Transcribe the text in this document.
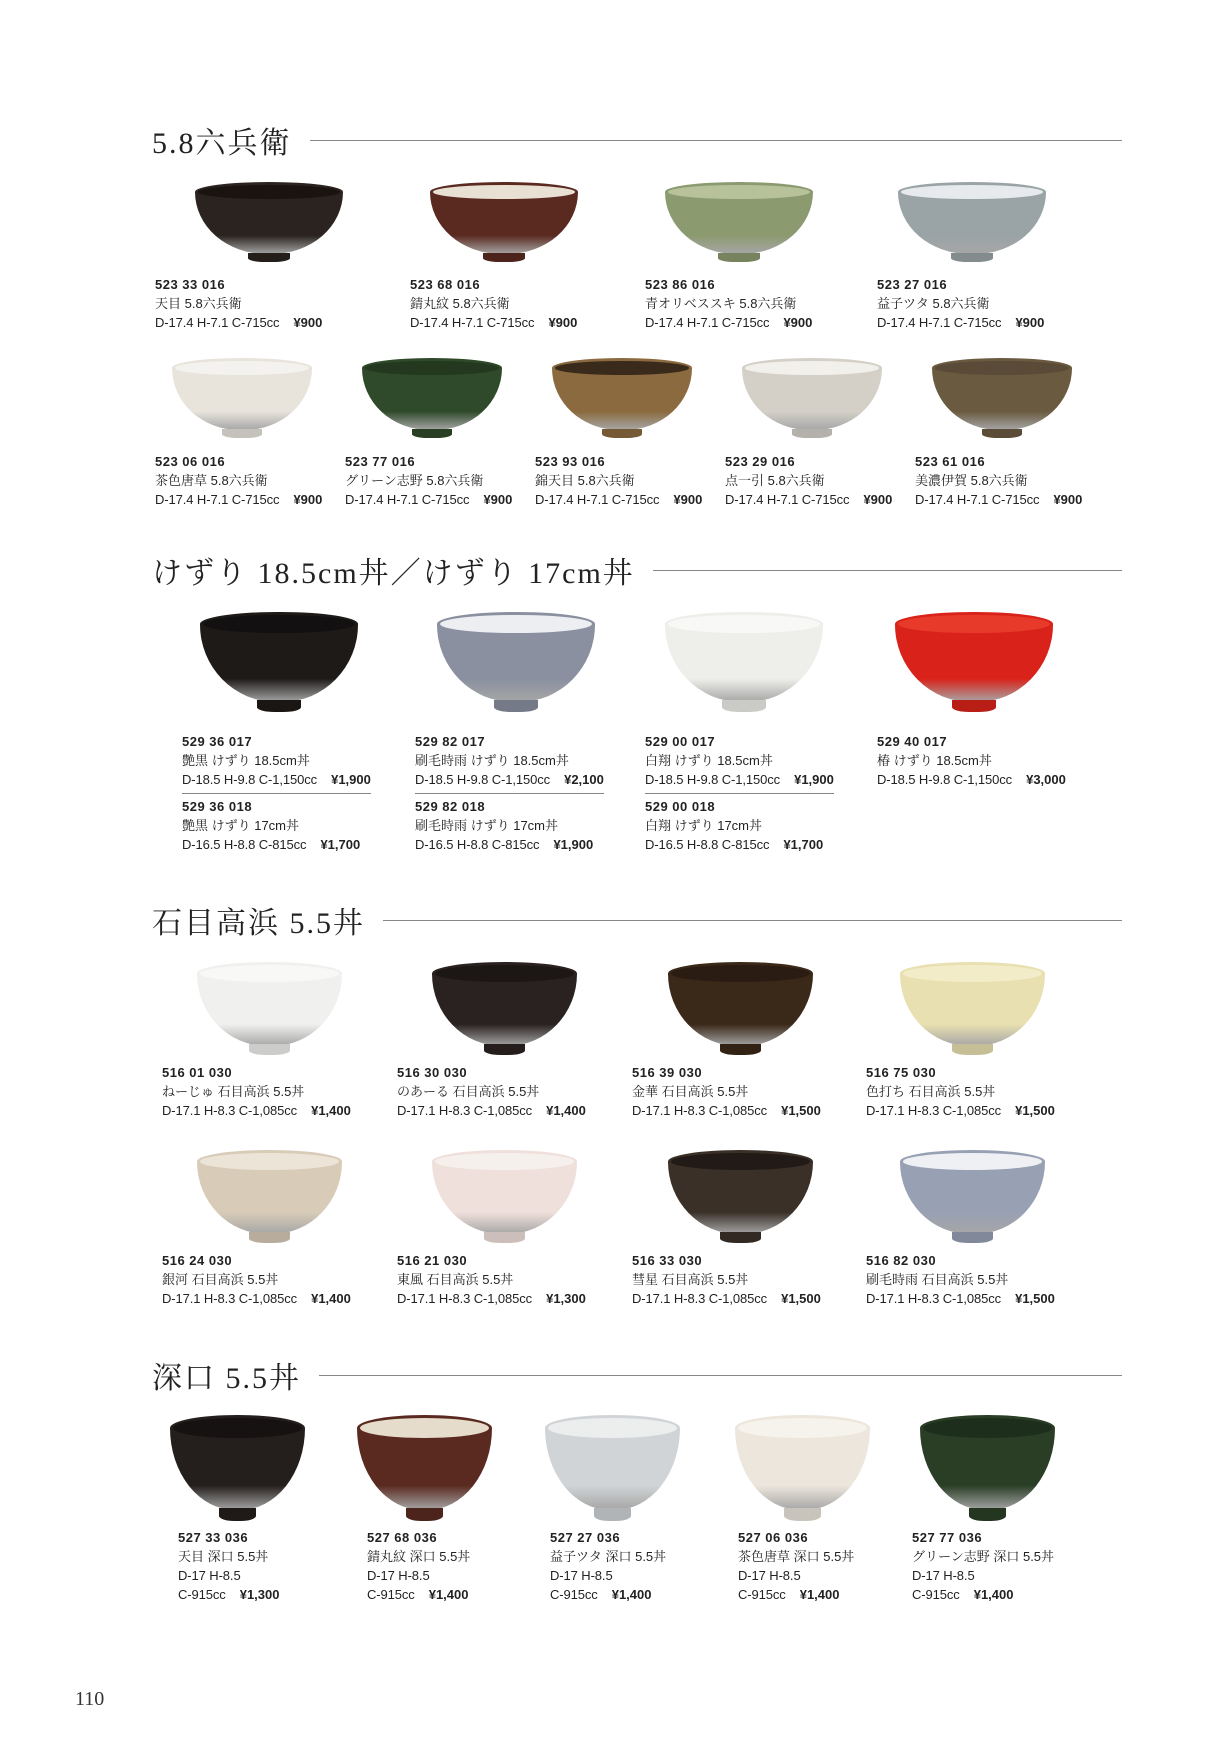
5.8六兵衛
523 33 016
天目 5.8六兵衛
D-17.4 H-7.1 C-715cc ¥900
523 68 016
錆丸紋 5.8六兵衛
D-17.4 H-7.1 C-715cc ¥900
523 86 016
青オリベススキ 5.8六兵衛
D-17.4 H-7.1 C-715cc ¥900
523 27 016
益子ツタ 5.8六兵衛
D-17.4 H-7.1 C-715cc ¥900
523 06 016
茶色唐草 5.8六兵衛
D-17.4 H-7.1 C-715cc ¥900
523 77 016
グリーン志野 5.8六兵衛
D-17.4 H-7.1 C-715cc ¥900
523 93 016
錦天目 5.8六兵衛
D-17.4 H-7.1 C-715cc ¥900
523 29 016
点一引 5.8六兵衛
D-17.4 H-7.1 C-715cc ¥900
523 61 016
美濃伊賀 5.8六兵衛
D-17.4 H-7.1 C-715cc ¥900
けずり 18.5cm丼／けずり 17cm丼
529 36 017
艶黒 けずり 18.5cm丼
D-18.5 H-9.8 C-1,150cc ¥1,900
529 36 018
艶黒 けずり 17cm丼
D-16.5 H-8.8 C-815cc ¥1,700
529 82 017
刷毛時雨 けずり 18.5cm丼
D-18.5 H-9.8 C-1,150cc ¥2,100
529 82 018
刷毛時雨 けずり 17cm丼
D-16.5 H-8.8 C-815cc ¥1,900
529 00 017
白翔 けずり 18.5cm丼
D-18.5 H-9.8 C-1,150cc ¥1,900
529 00 018
白翔 けずり 17cm丼
D-16.5 H-8.8 C-815cc ¥1,700
529 40 017
椿 けずり 18.5cm丼
D-18.5 H-9.8 C-1,150cc ¥3,000
石目高浜 5.5丼
516 01 030
ねーじゅ 石目高浜 5.5丼
D-17.1 H-8.3 C-1,085cc ¥1,400
516 30 030
のあーる 石目高浜 5.5丼
D-17.1 H-8.3 C-1,085cc ¥1,400
516 39 030
金華 石目高浜 5.5丼
D-17.1 H-8.3 C-1,085cc ¥1,500
516 75 030
色打ち 石目高浜 5.5丼
D-17.1 H-8.3 C-1,085cc ¥1,500
516 24 030
銀河 石目高浜 5.5丼
D-17.1 H-8.3 C-1,085cc ¥1,400
516 21 030
東風 石目高浜 5.5丼
D-17.1 H-8.3 C-1,085cc ¥1,300
516 33 030
彗星 石目高浜 5.5丼
D-17.1 H-8.3 C-1,085cc ¥1,500
516 82 030
刷毛時雨 石目高浜 5.5丼
D-17.1 H-8.3 C-1,085cc ¥1,500
深口 5.5丼
527 33 036
天目 深口 5.5丼
D-17 H-8.5
C-915cc ¥1,300
527 68 036
錆丸紋 深口 5.5丼
D-17 H-8.5
C-915cc ¥1,400
527 27 036
益子ツタ 深口 5.5丼
D-17 H-8.5
C-915cc ¥1,400
527 06 036
茶色唐草 深口 5.5丼
D-17 H-8.5
C-915cc ¥1,400
527 77 036
グリーン志野 深口 5.5丼
D-17 H-8.5
C-915cc ¥1,400
110
